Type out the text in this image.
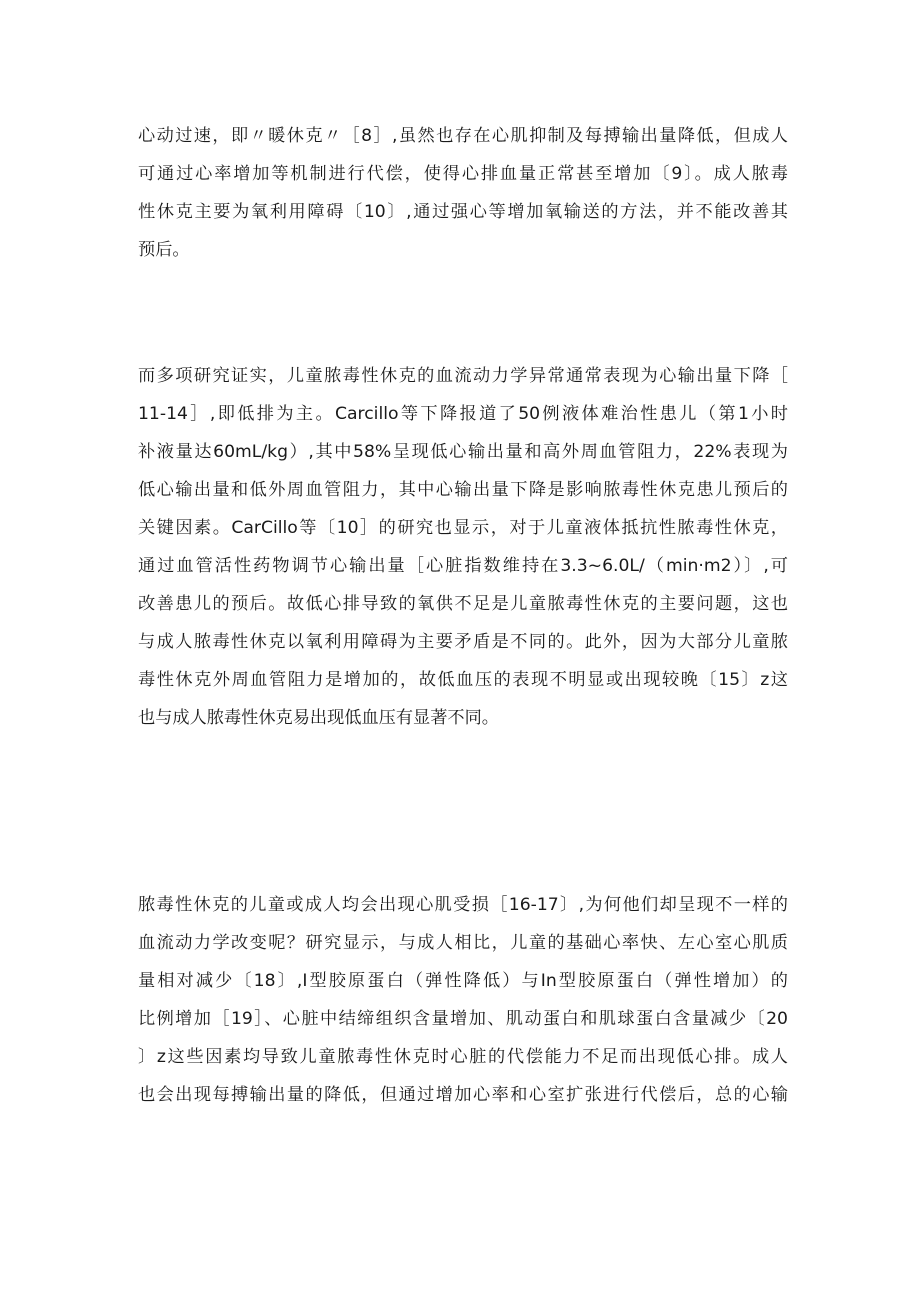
心动过速，即〃暖休克〃［8］,虽然也存在心肌抑制及每搏输出量降低，但成人
可通过心率增加等机制进行代偿，使得心排血量正常甚至增加〔9〕。成人脓毒
性休克主要为氧利用障碍〔10〕,通过强心等增加氧输送的方法，并不能改善其
预后。

而多项研究证实，儿童脓毒性休克的血流动力学异常通常表现为心输出量下降［
11-14］,即低排为主。Carcillo等下降报道了50例液体难治性患儿（第1小时
补液量达60mL/kg）,其中58%呈现低心输出量和高外周血管阻力，22%表现为
低心输出量和低外周血管阻力，其中心输出量下降是影响脓毒性休克患儿预后的
关键因素。CarCillo等〔10］的研究也显示，对于儿童液体抵抗性脓毒性休克，
通过血管活性药物调节心输出量［心脏指数维持在3.3~6.0L/（min·m2）〕,可
改善患儿的预后。故低心排导致的氧供不足是儿童脓毒性休克的主要问题，这也
与成人脓毒性休克以氧利用障碍为主要矛盾是不同的。此外，因为大部分儿童脓
毒性休克外周血管阻力是增加的，故低血压的表现不明显或出现较晚〔15〕z这
也与成人脓毒性休克易出现低血压有显著不同。

脓毒性休克的儿童或成人均会出现心肌受损［16-17〕,为何他们却呈现不一样的
血流动力学改变呢？研究显示，与成人相比，儿童的基础心率快、左心室心肌质
量相对减少〔18〕,I型胶原蛋白（弹性降低）与In型胶原蛋白（弹性增加）的
比例增加［19］、心脏中结缔组织含量增加、肌动蛋白和肌球蛋白含量减少〔20
〕z这些因素均导致儿童脓毒性休克时心脏的代偿能力不足而出现低心排。成人
也会出现每搏输出量的降低，但通过增加心率和心室扩张进行代偿后，总的心输
